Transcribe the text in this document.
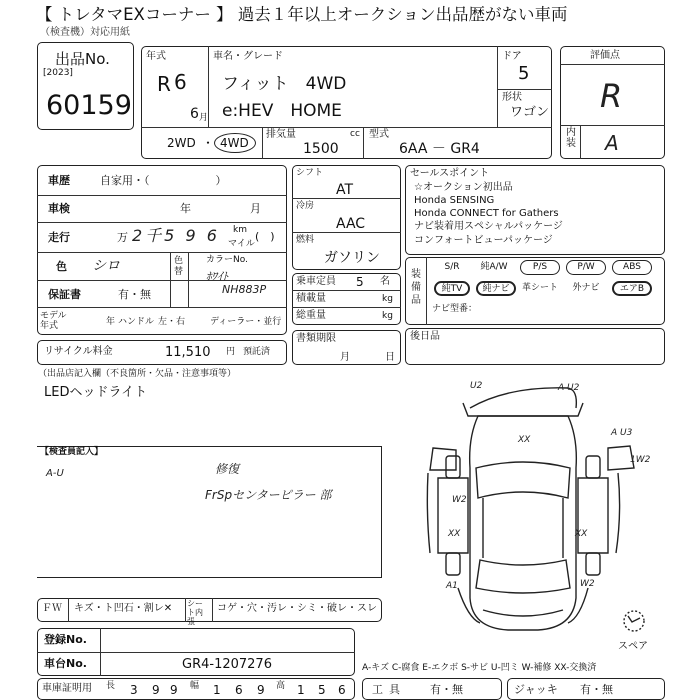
【 トレタマEXコーナー 】 過去１年以上オークション出品歴がない車両
（検査機）対応用紙
出品No.
[2023]
60159
年式
R 6
6 月
車名・グレード
フィット　4WD
e:HEV　HOME
ドア
5
形状
ワゴン
2WD ・ 4WD
排気量	cc
1500
型式
6AA － GR4
評価点
R
内装 A
車歴	自家用・（　　　　　　）
車検	年	月
走行	万 2千5 9 6 km
マイル
(　)
色 シロ	色替
カラーNo.
ﾎﾜｲﾄ
NH883P
保証書	有・無
モデル年式	年 ハンドル 左・右	ディーラー・並行
リサイクル料金	11,510 円 預託済
シフト
AT
冷房
AAC
燃料
ガソリン
乗車定員 5 名
積載量	kg
総重量	kg
書類期限
月	日
セールスポイント
☆オークション初出品
Honda SENSING
Honda CONNECT for Gathers
ナビ装着用スペシャルパッケージ
コンフォートビューパッケージ
装備品
S/R	純A/W	P/S	P/W	ABS
純TV	純ナビ	革シート	外ナビ	エアB
ナビ型番：
後日品
（出品店記入欄（不良箇所・欠品・注意事項等）
LEDヘッドライト
【検査員記入】
A-U	修復
FrSpセンターピラー 部
U2	A U2
A U3
XX
W2
XX	XX
A1	W2
1W2
スペア
ＦＷ キズ・ト凹石・割レ✕ シート内張
コゲ・穴・汚レ・シミ・破レ・スレ
登録No.
車台No.	GR4-1207276
車庫証明用 長 3 9 9 幅 1 6 9 高 1 5 6
A-キズ C-腐食 E-エクボ S-サビ U-凹ミ W-補修 XX-交換済
工具 有・無	ジャッキ 有・無
